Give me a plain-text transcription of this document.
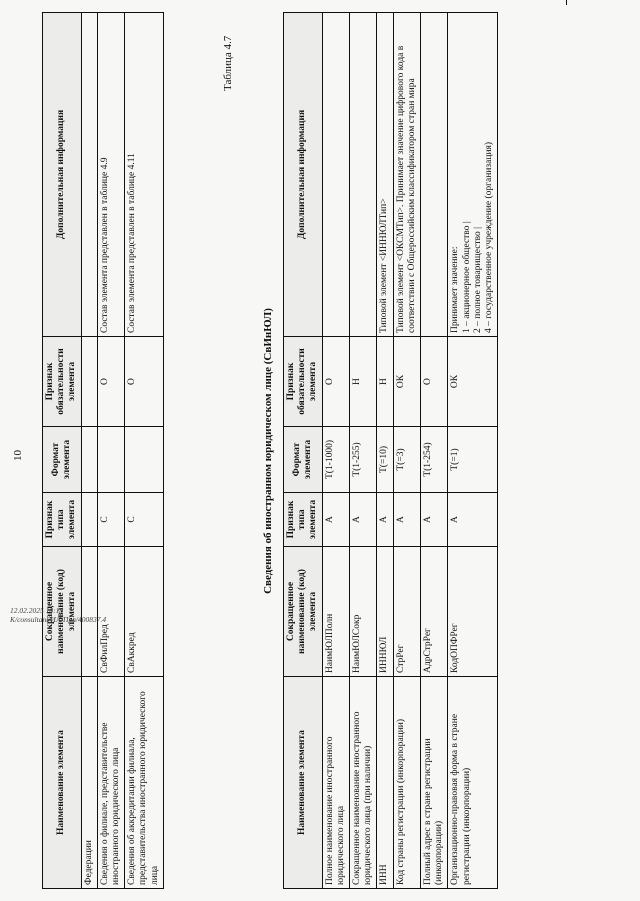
10
Наименование элемента	Сокращенное наименование (код) элемента	Признак типа элемента	Формат элемента	Признак обязательности элемента	Дополнительная информация
Федерации					
Сведения о филиале, представительстве иностранного юридического лица	СвФилПред	С		О	Состав элемента представлен в таблице 4.9
Сведения об аккредитации филиала, представительства иностранного юридического лица	СвАккред	С		О	Состав элемента представлен в таблице 4.11
Таблица 4.7
Сведения об иностранном юридическом лице (СвИнЮЛ)
Наименование элемента	Сокращенное наименование (код) элемента	Признак типа элемента	Формат элемента	Признак обязательности элемента	Дополнительная информация
Полное наименование иностранного юридического лица	НаимЮЛПолн	А	T(1-1000)	О	
Сокращенное наименование иностранного юридического лица (при наличии)	НаимЮЛСокр	А	T(1-255)	Н	
ИНН	ИННЮЛ	А	T(=10)	Н	Типовой элемент <ИННЮЛТип>
Код страны регистрации (инкорпорации)	СтрРег	А	T(=3)	ОК	Типовой элемент <ОКСМТип>. Принимает значение цифрового кода в соответствии с Общероссийским классификатором стран мира
Полный адрес в стране регистрации (инкорпорации)	АдрСтрРег	А	T(1-254)	О	
Организационно-правовая форма в стране регистрации (инкорпорации)	КодОПФРег	А	T(=1)	ОК	Принимает значение:
1 – акционерное общество |
2 – полное товарищество |
4 – государственное учреждение (организация)
12.02.2025 10:13
К/consultant/ИЛ/Пра/400837.4
